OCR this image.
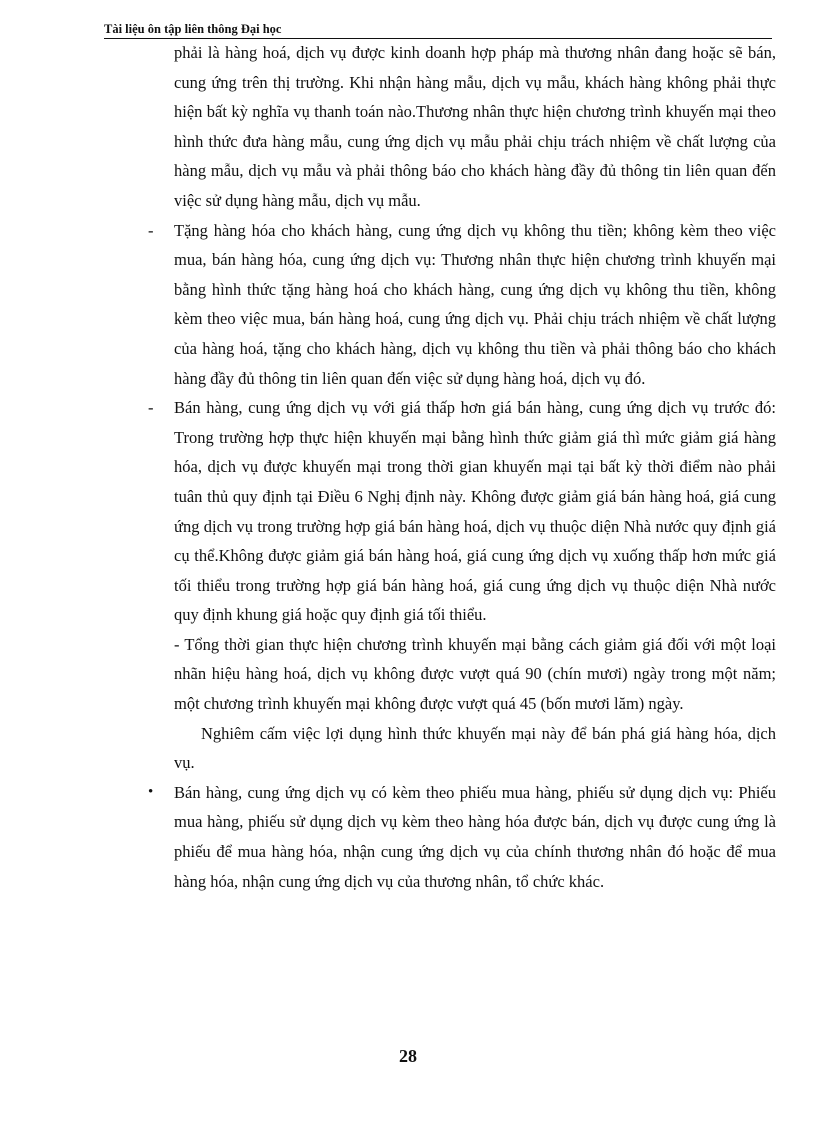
Tài liệu ôn tập liên thông Đại học

phải là hàng hoá, dịch vụ được kinh doanh hợp pháp mà thương nhân đang hoặc sẽ bán, cung ứng trên thị trường. Khi nhận hàng mẫu, dịch vụ mẫu, khách hàng không phải thực hiện bất kỳ nghĩa vụ thanh toán nào.Thương nhân thực hiện chương trình khuyến mại theo hình thức đưa hàng mẫu, cung ứng dịch vụ mẫu phải chịu trách nhiệm về chất lượng của hàng mẫu, dịch vụ mẫu và phải thông báo cho khách hàng đầy đủ thông tin liên quan đến việc sử dụng hàng mẫu, dịch vụ mẫu.

- Tặng hàng hóa cho khách hàng, cung ứng dịch vụ không thu tiền; không kèm theo việc mua, bán hàng hóa, cung ứng dịch vụ: Thương nhân thực hiện chương trình khuyến mại bằng hình thức tặng hàng hoá cho khách hàng, cung ứng dịch vụ không thu tiền, không kèm theo việc mua, bán hàng hoá, cung ứng dịch vụ. Phải chịu trách nhiệm về chất lượng của hàng hoá, tặng cho khách hàng, dịch vụ không thu tiền và phải thông báo cho khách hàng đầy đủ thông tin liên quan đến việc sử dụng hàng hoá, dịch vụ đó.
- Bán hàng, cung ứng dịch vụ với giá thấp hơn giá bán hàng, cung ứng dịch vụ trước đó: Trong trường hợp thực hiện khuyến mại bằng hình thức giảm giá thì mức giảm giá hàng hóa, dịch vụ được khuyến mại trong thời gian khuyến mại tại bất kỳ thời điểm nào phải tuân thủ quy định tại Điều 6 Nghị định này. Không được giảm giá bán hàng hoá, giá cung ứng dịch vụ trong trường hợp giá bán hàng hoá, dịch vụ thuộc diện Nhà nước quy định giá cụ thể.Không được giảm giá bán hàng hoá, giá cung ứng dịch vụ xuống thấp hơn mức giá tối thiểu trong trường hợp giá bán hàng hoá, giá cung ứng dịch vụ thuộc diện Nhà nước quy định khung giá hoặc quy định giá tối thiểu.

- Tổng thời gian thực hiện chương trình khuyến mại bằng cách giảm giá đối với một loại nhãn hiệu hàng hoá, dịch vụ không được vượt quá 90 (chín mươi) ngày trong một năm; một chương trình khuyến mại không được vượt quá 45 (bốn mươi lăm) ngày.

Nghiêm cấm việc lợi dụng hình thức khuyến mại này để bán phá giá hàng hóa, dịch vụ.

• Bán hàng, cung ứng dịch vụ có kèm theo phiếu mua hàng, phiếu sử dụng dịch vụ: Phiếu mua hàng, phiếu sử dụng dịch vụ kèm theo hàng hóa được bán, dịch vụ được cung ứng là phiếu để mua hàng hóa, nhận cung ứng dịch vụ của chính thương nhân đó hoặc để mua hàng hóa, nhận cung ứng dịch vụ của thương nhân, tổ chức khác.
28
